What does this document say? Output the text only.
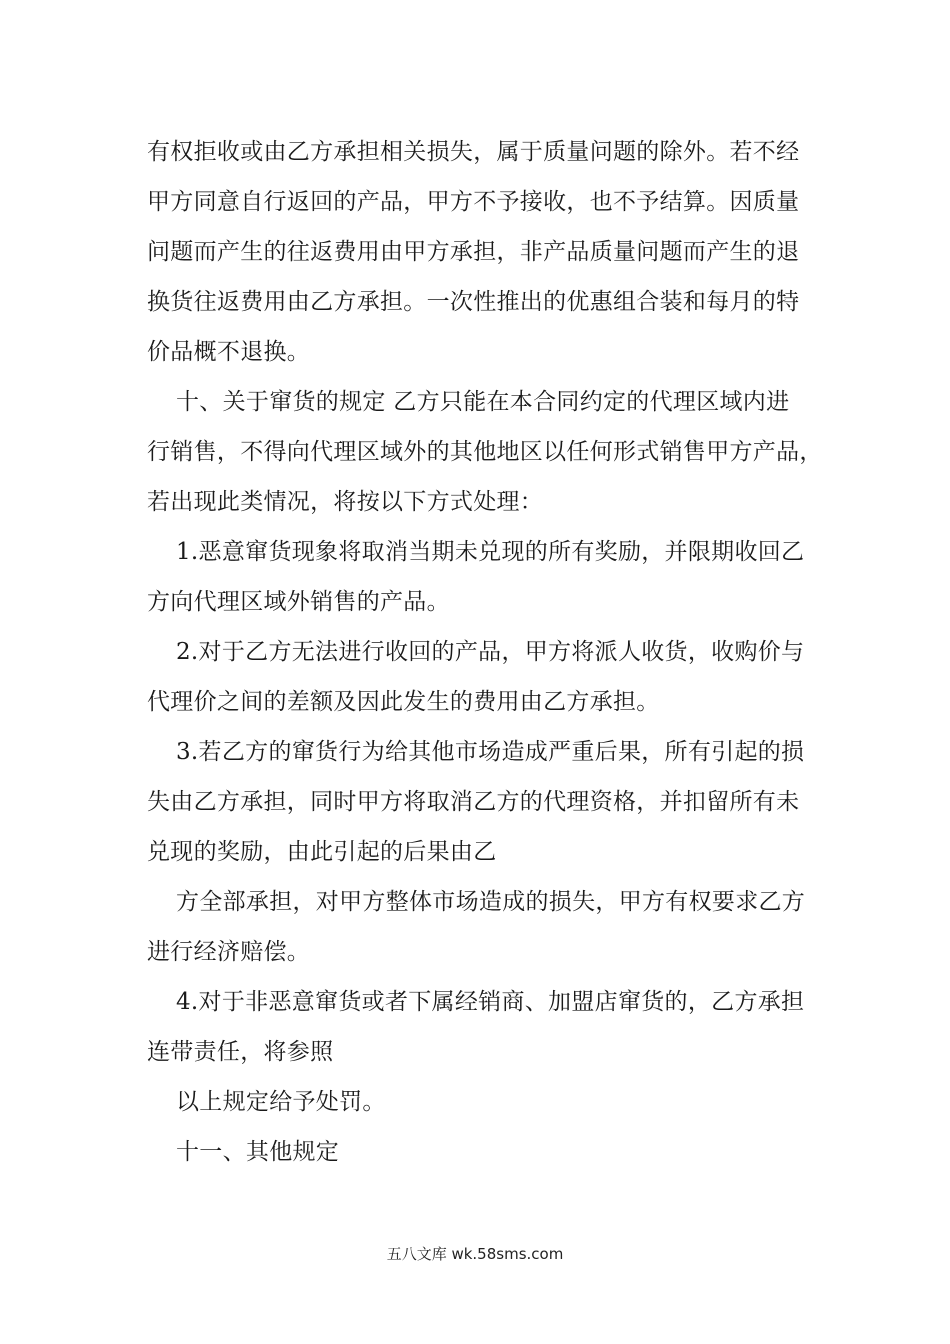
有权拒收或由乙方承担相关损失，属于质量问题的除外。若不经
甲方同意自行返回的产品，甲方不予接收，也不予结算。因质量
问题而产生的往返费用由甲方承担，非产品质量问题而产生的退
换货往返费用由乙方承担。一次性推出的优惠组合装和每月的特
价品概不退换。
十、关于窜货的规定 乙方只能在本合同约定的代理区域内进
行销售，不得向代理区域外的其他地区以任何形式销售甲方产品，
若出现此类情况，将按以下方式处理：
1.恶意窜货现象将取消当期未兑现的所有奖励，并限期收回乙
方向代理区域外销售的产品。
2.对于乙方无法进行收回的产品，甲方将派人收货，收购价与
代理价之间的差额及因此发生的费用由乙方承担。
3.若乙方的窜货行为给其他市场造成严重后果，所有引起的损
失由乙方承担，同时甲方将取消乙方的代理资格，并扣留所有未
兑现的奖励，由此引起的后果由乙
方全部承担，对甲方整体市场造成的损失，甲方有权要求乙方
进行经济赔偿。
4.对于非恶意窜货或者下属经销商、加盟店窜货的，乙方承担
连带责任，将参照
以上规定给予处罚。
十一、其他规定
五八文库 wk.58sms.com
